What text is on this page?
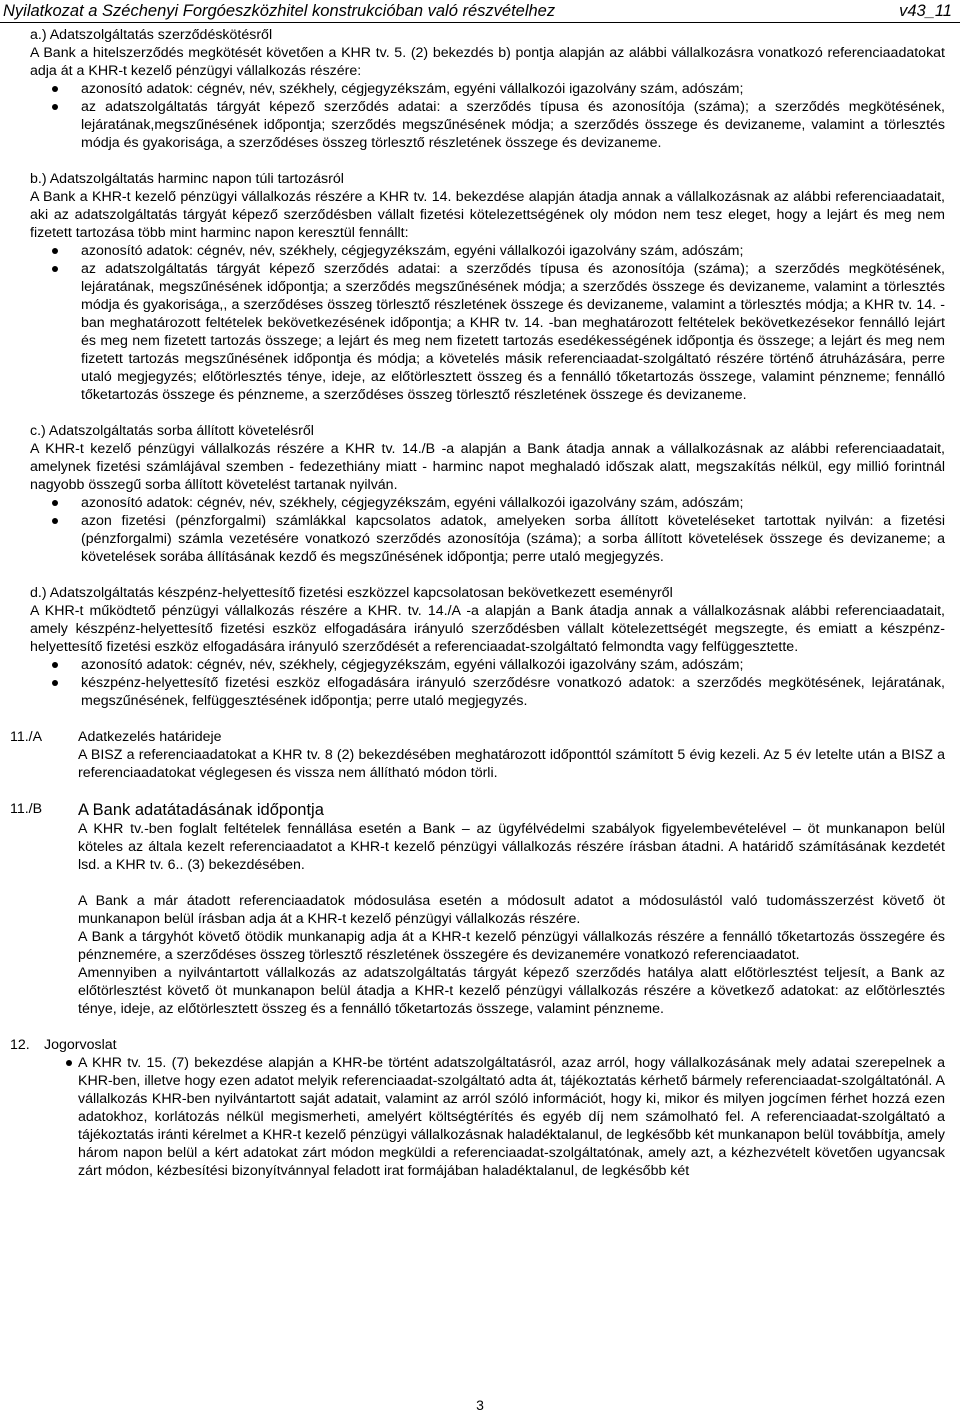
Nyilatkozat a Széchenyi Forgóeszközhitel konstrukcióban való részvételhez	v43_11
a.) Adatszolgáltatás szerződéskötésről

A Bank a hitelszerződés megkötését követően a KHR tv. 5. (2) bekezdés b) pontja alapján az alábbi vállalkozásra vonatkozó referenciaadatokat adja át a KHR-t kezelő pénzügyi vállalkozás részére:

azonosító adatok: cégnév, név, székhely, cégjegyzékszám, egyéni vállalkozói igazolvány szám, adószám;
az adatszolgáltatás tárgyát képező szerződés adatai: a szerződés típusa és azonosítója (száma); a szerződés megkötésének, lejáratának,megszűnésének időpontja; szerződés megszűnésének módja; a szerződés összege és devizaneme, valamint a törlesztés módja és gyakorisága, a szerződéses összeg törlesztő részletének összege és devizaneme.
b.) Adatszolgáltatás harminc napon túli tartozásról

A Bank a KHR-t kezelő pénzügyi vállalkozás részére a KHR tv. 14. bekezdése alapján átadja annak a vállalkozásnak az alábbi referenciaadatait, aki az adatszolgáltatás tárgyát képező szerződésben vállalt fizetési kötelezettségének oly módon nem tesz eleget, hogy a lejárt és meg nem fizetett tartozása több mint harminc napon keresztül fennállt:

azonosító adatok: cégnév, név, székhely, cégjegyzékszám, egyéni vállalkozói igazolvány szám, adószám;
az adatszolgáltatás tárgyát képező szerződés adatai: a szerződés típusa és azonosítója (száma); a szerződés megkötésének, lejáratának, megszűnésének időpontja; a szerződés megszűnésének módja; a szerződés összege és devizaneme, valamint a törlesztés módja és gyakorisága,, a szerződéses összeg törlesztő részletének összege és devizaneme, valamint a törlesztés módja; a KHR tv. 14. -ban meghatározott feltételek bekövetkezésének időpontja; a KHR tv. 14. -ban meghatározott feltételek bekövetkezésekor fennálló lejárt és meg nem fizetett tartozás összege; a lejárt és meg nem fizetett tartozás esedékességének időpontja és összege; a lejárt és meg nem fizetett tartozás megszűnésének időpontja és módja; a követelés másik referenciaadat-szolgáltató részére történő átruházására, perre utaló megjegyzés; előtörlesztés ténye, ideje, az előtörlesztett összeg és a fennálló tőketartozás összege, valamint pénzneme; fennálló tőketartozás összege és pénzneme, a szerződéses összeg törlesztő részletének összege és devizaneme.
c.) Adatszolgáltatás sorba állított követelésről

A KHR-t kezelő pénzügyi vállalkozás részére a KHR tv. 14./B -a alapján a Bank átadja annak a vállalkozásnak az alábbi referenciaadatait, amelynek fizetési számlájával szemben - fedezethiány miatt - harminc napot meghaladó időszak alatt, megszakítás nélkül, egy millió forintnál nagyobb összegű sorba állított követelést tartanak nyilván.

azonosító adatok: cégnév, név, székhely, cégjegyzékszám, egyéni vállalkozói igazolvány szám, adószám;
azon fizetési (pénzforgalmi) számlákkal kapcsolatos adatok, amelyeken sorba állított követeléseket tartottak nyilván: a fizetési (pénzforgalmi) számla vezetésére vonatkozó szerződés azonosítója (száma); a sorba állított követelések összege és devizaneme; a követelések sorába állításának kezdő és megszűnésének időpontja; perre utaló megjegyzés.
d.) Adatszolgáltatás készpénz-helyettesítő fizetési eszközzel kapcsolatosan bekövetkezett eseményről

A KHR-t működtető pénzügyi vállalkozás részére a KHR. tv. 14./A -a alapján a Bank átadja annak a vállalkozásnak alábbi referenciaadatait, amely készpénz-helyettesítő fizetési eszköz elfogadására irányuló szerződésben vállalt kötelezettségét megszegte, és emiatt a készpénz-helyettesítő fizetési eszköz elfogadására irányuló szerződését a referenciaadat-szolgáltató felmondta vagy felfüggesztette.

azonosító adatok: cégnév, név, székhely, cégjegyzékszám, egyéni vállalkozói igazolvány szám, adószám;
készpénz-helyettesítő fizetési eszköz elfogadására irányuló szerződésre vonatkozó adatok: a szerződés megkötésének, lejáratának, megszűnésének, felfüggesztésének időpontja; perre utaló megjegyzés.
11./A	Adatkezelés határideje

A BISZ a referenciaadatokat a KHR tv. 8 (2) bekezdésében meghatározott időponttól számított 5 évig kezeli. Az 5 év letelte után a BISZ a referenciaadatokat véglegesen és vissza nem állítható módon törli.

11./B A Bank adatátadásának időpontja

A KHR tv.-ben foglalt feltételek fennállása esetén a Bank – az ügyfélvédelmi szabályok figyelembevételével – öt munkanapon belül köteles az általa kezelt referenciaadatot a KHR-t kezelő pénzügyi vállalkozás részére írásban átadni. A határidő számításának kezdetét lsd. a KHR tv. 6.. (3) bekezdésében.

A Bank a már átadott referenciaadatok módosulása esetén a módosult adatot a módosulástól való tudomásszerzést követő öt munkanapon belül írásban adja át a KHR-t kezelő pénzügyi vállalkozás részére.

A Bank a tárgyhót követő ötödik munkanapig adja át a KHR-t kezelő pénzügyi vállalkozás részére a fennálló tőketartozás összegére és pénznemére, a szerződéses összeg törlesztő részletének összegére és devizanemére vonatkozó referenciaadatot.

Amennyiben a nyilvántartott vállalkozás az adatszolgáltatás tárgyát képező szerződés hatálya alatt előtörlesztést teljesít, a Bank az előtörlesztést követő öt munkanapon belül átadja a KHR-t kezelő pénzügyi vállalkozás részére a következő adatokat: az előtörlesztés ténye, ideje, az előtörlesztett összeg és a fennálló tőketartozás összege, valamint pénzneme.

12. Jogorvoslat
A KHR tv. 15. (7) bekezdése alapján a KHR-be történt adatszolgáltatásról, azaz arról, hogy vállalkozásának mely adatai szerepelnek a KHR-ben, illetve hogy ezen adatot melyik referenciaadat-szolgáltató adta át, tájékoztatás kérhető bármely referenciaadat-szolgáltatónál. A vállalkozás KHR-ben nyilvántartott saját adatait, valamint az arról szóló információt, hogy ki, mikor és milyen jogcímen férhet hozzá ezen adatokhoz, korlátozás nélkül megismerheti, amelyért költségtérítés és egyéb díj nem számolható fel. A referenciaadat-szolgáltató a tájékoztatás iránti kérelmet a KHR-t kezelő pénzügyi vállalkozásnak haladéktalanul, de legkésőbb két munkanapon belül továbbítja, amely három napon belül a kért adatokat zárt módon megküldi a referenciaadat-szolgáltatónak, amely azt, a kézhezvételt követően ugyancsak zárt módon, kézbesítési bizonyítvánnyal feladott irat formájában haladéktalanul, de legkésőbb két
3
